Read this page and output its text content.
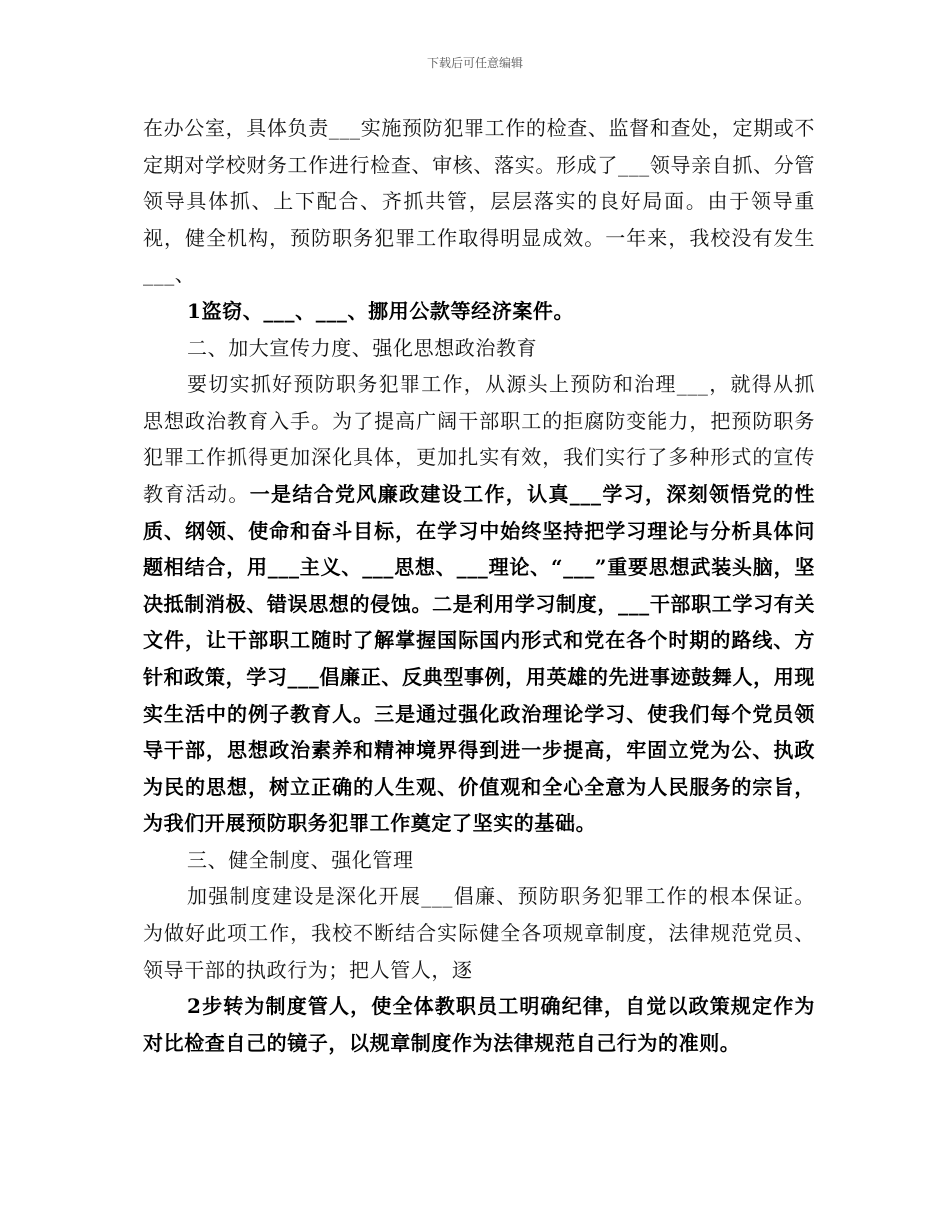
下载后可任意编辑

在办公室，具体负责___实施预防犯罪工作的检查、监督和查处，定期或不定期对学校财务工作进行检查、审核、落实。形成了___领导亲自抓、分管领导具体抓、上下配合、齐抓共管，层层落实的良好局面。由于领导重视，健全机构，预防职务犯罪工作取得明显成效。一年来，我校没有发生___、

1盗窃、___、___、挪用公款等经济案件。

二、加大宣传力度、强化思想政治教育

要切实抓好预防职务犯罪工作，从源头上预防和治理___，就得从抓思想政治教育入手。为了提高广阔干部职工的拒腐防变能力，把预防职务犯罪工作抓得更加深化具体，更加扎实有效，我们实行了多种形式的宣传教育活动。一是结合党风廉政建设工作，认真___学习，深刻领悟党的性质、纲领、使命和奋斗目标，在学习中始终坚持把学习理论与分析具体问题相结合，用___主义、___思想、___理论、“___”重要思想武装头脑，坚决抵制消极、错误思想的侵蚀。二是利用学习制度，___干部职工学习有关文件，让干部职工随时了解掌握国际国内形式和党在各个时期的路线、方针和政策，学习___倡廉正、反典型事例，用英雄的先进事迹鼓舞人，用现实生活中的例子教育人。三是通过强化政治理论学习、使我们每个党员领导干部，思想政治素养和精神境界得到进一步提高，牢固立党为公、执政为民的思想，树立正确的人生观、价值观和全心全意为人民服务的宗旨，为我们开展预防职务犯罪工作奠定了坚实的基础。

三、健全制度、强化管理

加强制度建设是深化开展___倡廉、预防职务犯罪工作的根本保证。为做好此项工作，我校不断结合实际健全各项规章制度，法律规范党员、领导干部的执政行为；把人管人，逐

2步转为制度管人，使全体教职员工明确纪律，自觉以政策规定作为对比检查自己的镜子，以规章制度作为法律规范自己行为的准则。
